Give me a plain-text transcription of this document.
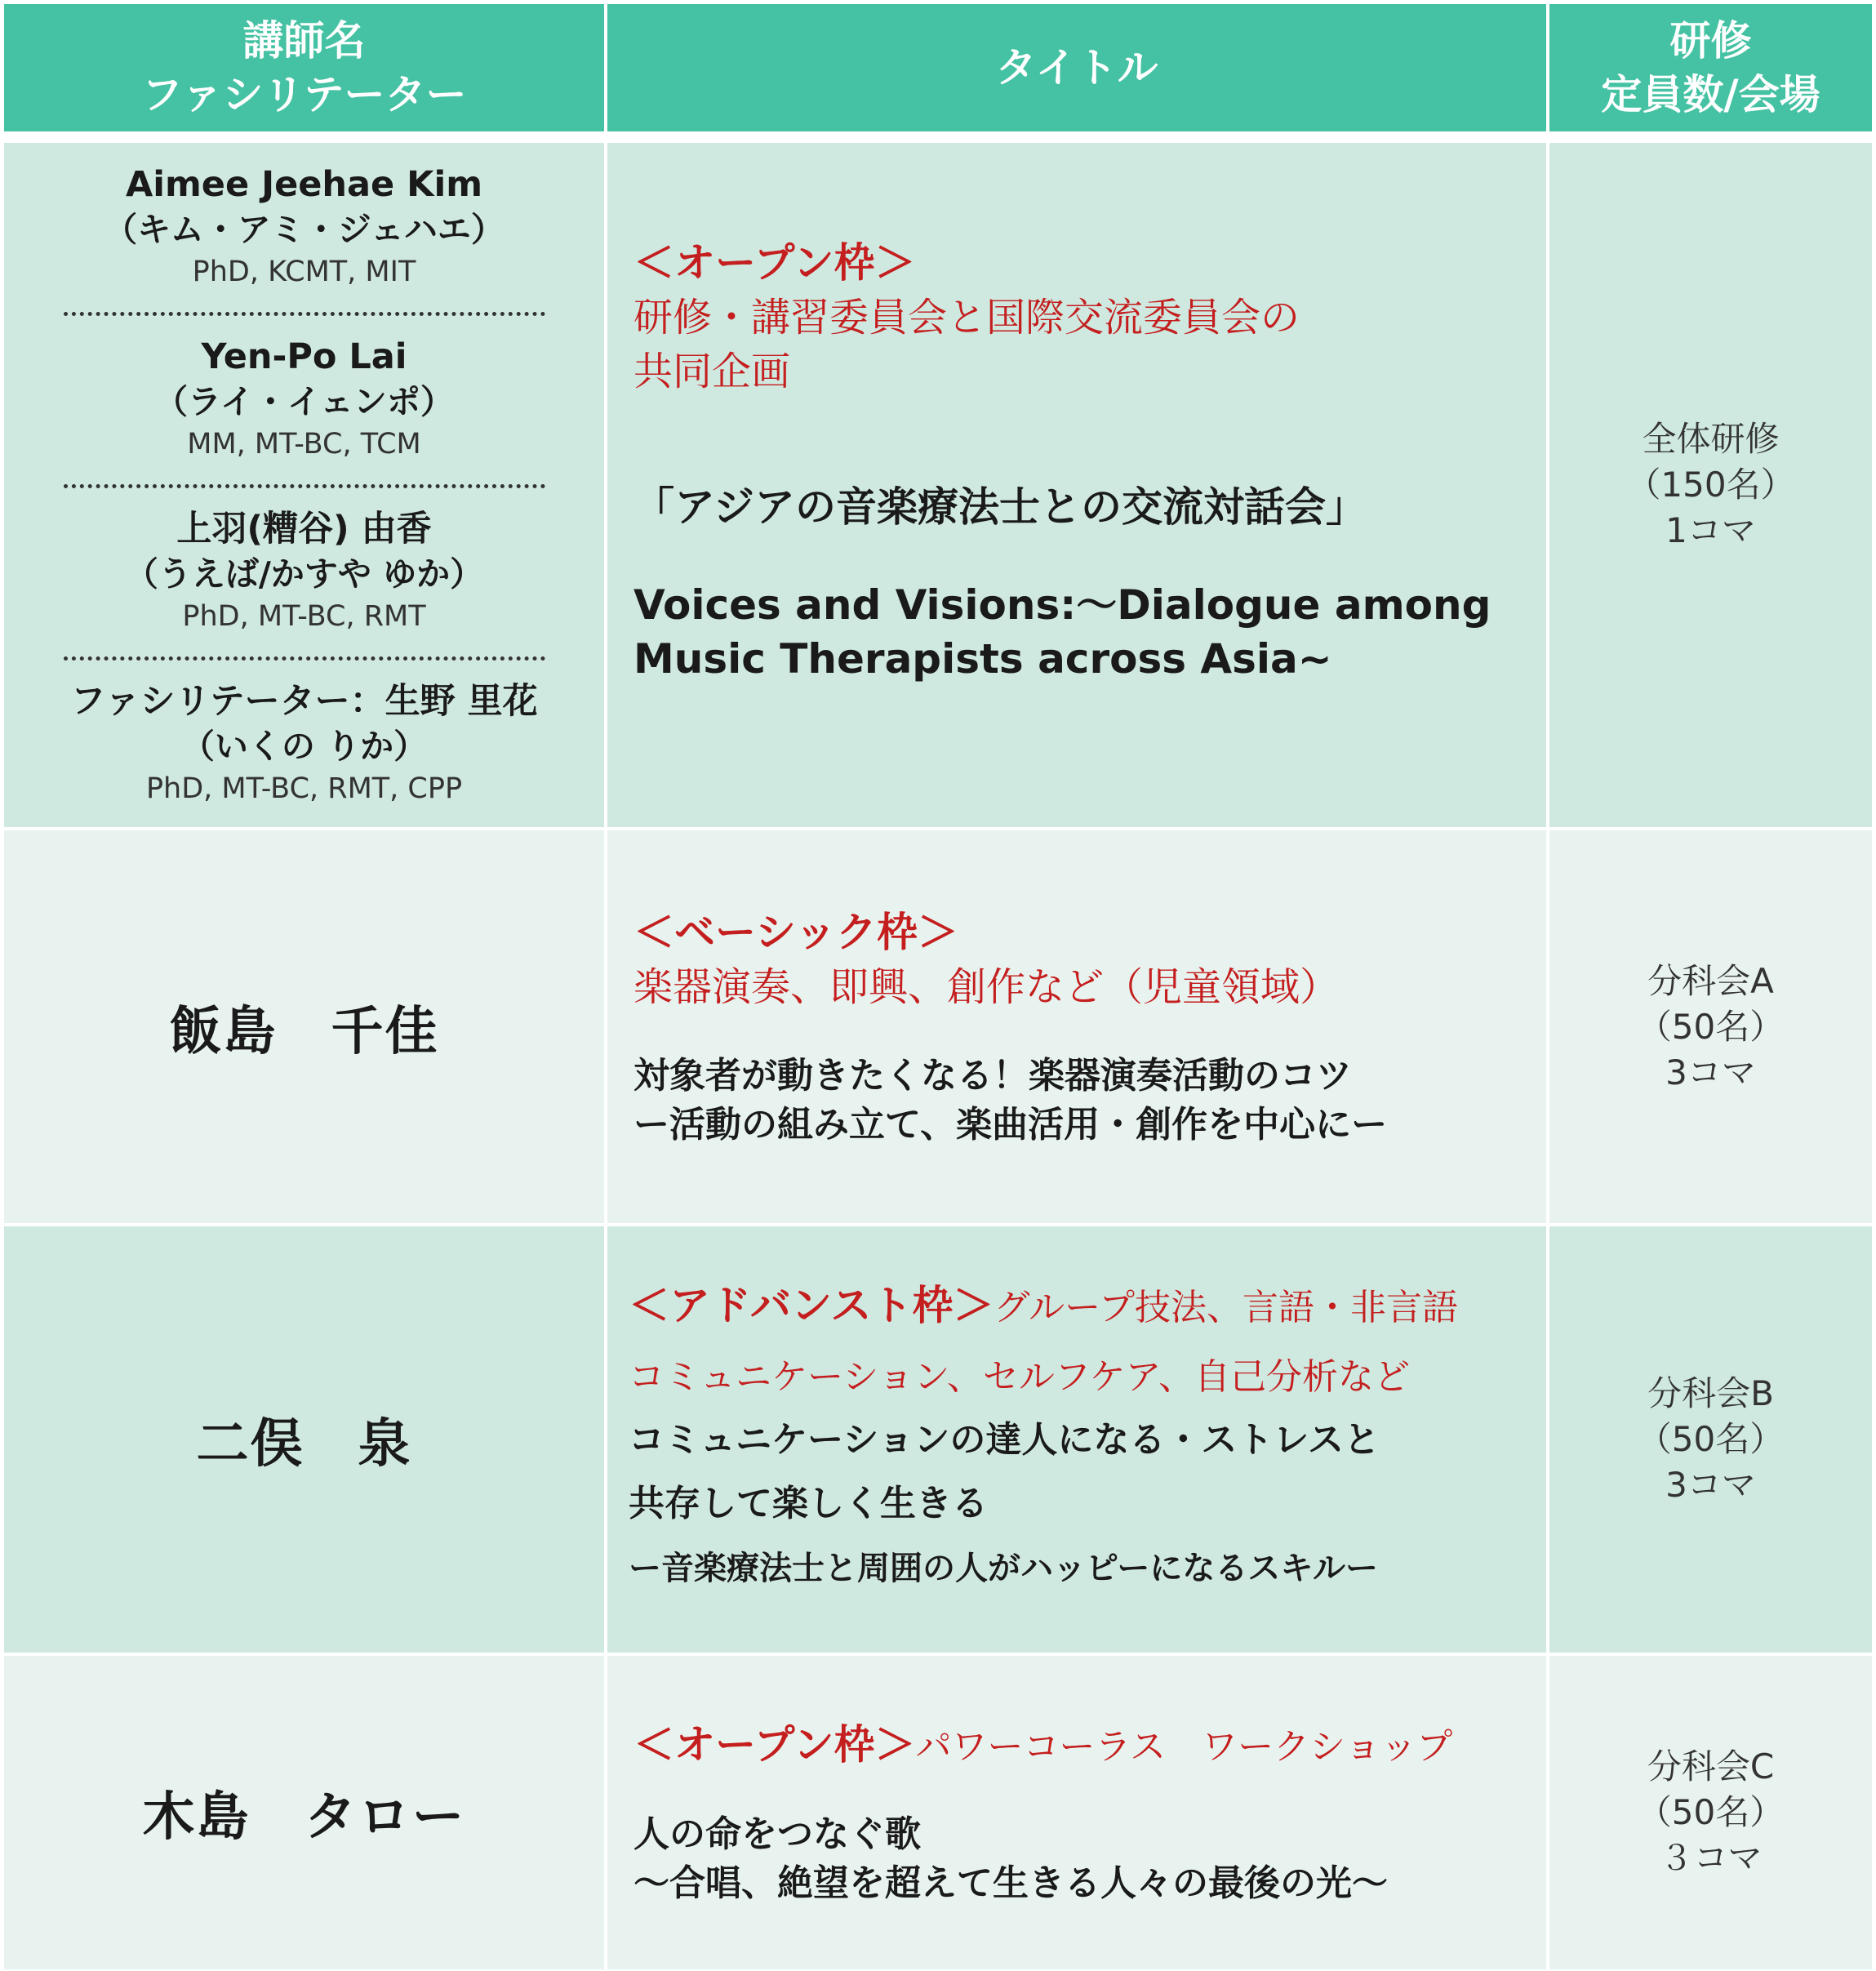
講師名
ファシリテーター
タイトル
研修
定員数/会場
Aimee Jeehae Kim
（キム・アミ・ジェハエ）
PhD, KCMT, MIT
Yen-Po Lai
（ライ・イェンポ）
MM, MT-BC, TCM
上羽(糟谷) 由香
（うえば/かすや ゆか）
PhD, MT-BC, RMT
ファシリテーター：生野 里花
（いくの りか）
PhD, MT-BC, RMT, CPP
＜オープン枠＞
研修・講習委員会と国際交流委員会の
共同企画
「アジアの音楽療法士との交流対話会」
Voices and Visions:～Dialogue among
Music Therapists across Asia~
全体研修
（150名）
1コマ
飯島　千佳
＜ベーシック枠＞
楽器演奏、即興、創作など（児童領域）
対象者が動きたくなる！楽器演奏活動のコツ
ー活動の組み立て、楽曲活用・創作を中心にー
分科会A
（50名）
3コマ
二俣　泉
＜アドバンスト枠＞グループ技法、言語・非言語
コミュニケーション、セルフケア、自己分析など
コミュニケーションの達人になる・ストレスと
共存して楽しく生きる
ー音楽療法士と周囲の人がハッピーになるスキルー
分科会B
（50名）
3コマ
木島　タロー
＜オープン枠＞パワーコーラス　ワークショップ
人の命をつなぐ歌
～合唱、絶望を超えて生きる人々の最後の光～
分科会C
（50名）
３コマ
